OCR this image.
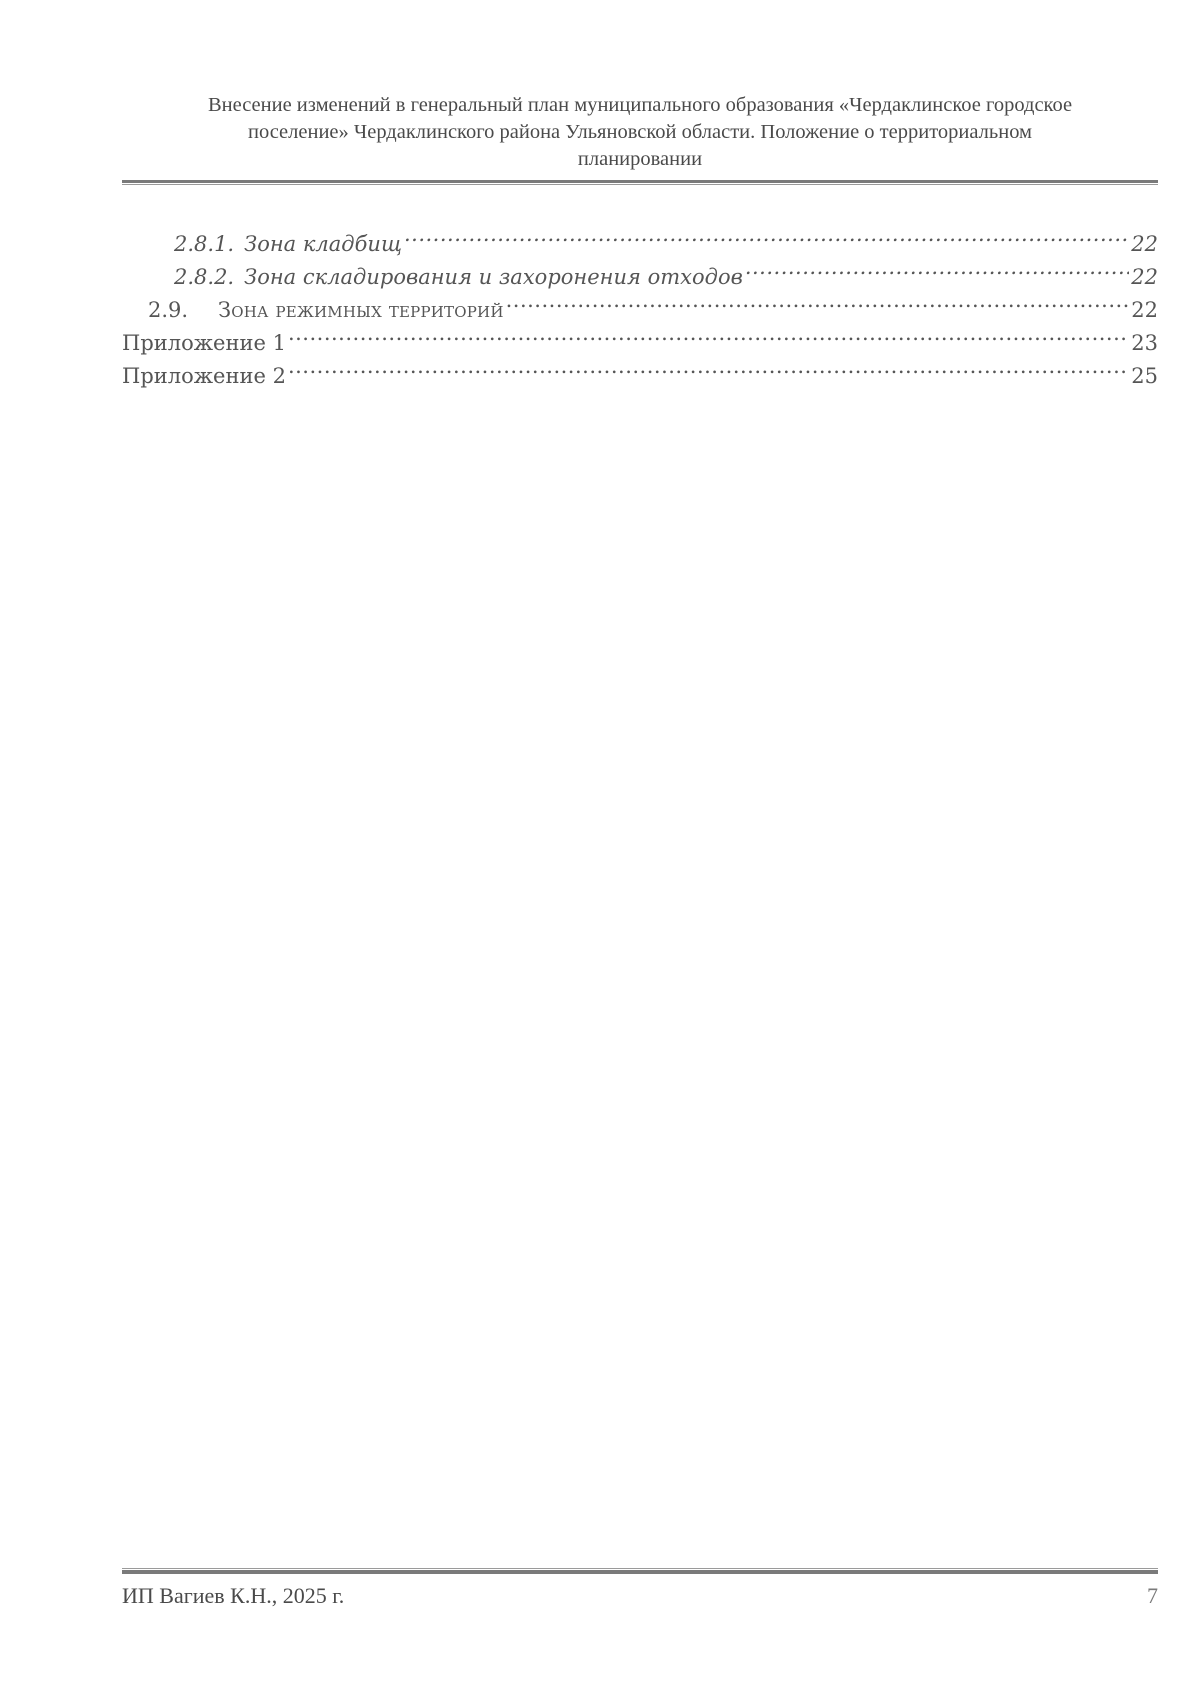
Внесение изменений в генеральный план муниципального образования «Чердаклинское городское
поселение» Чердаклинского района Ульяновской области. Положение о территориальном
планировании
2.8.1. Зона кладбищ .....	22
2.8.2. Зона складирования и захоронения отходов .....	22
2.9.	Зона режимных территорий .....	22
Приложение 1 .....	23
Приложение 2 .....	25
ИП Вагиев К.Н., 2025 г.	7
